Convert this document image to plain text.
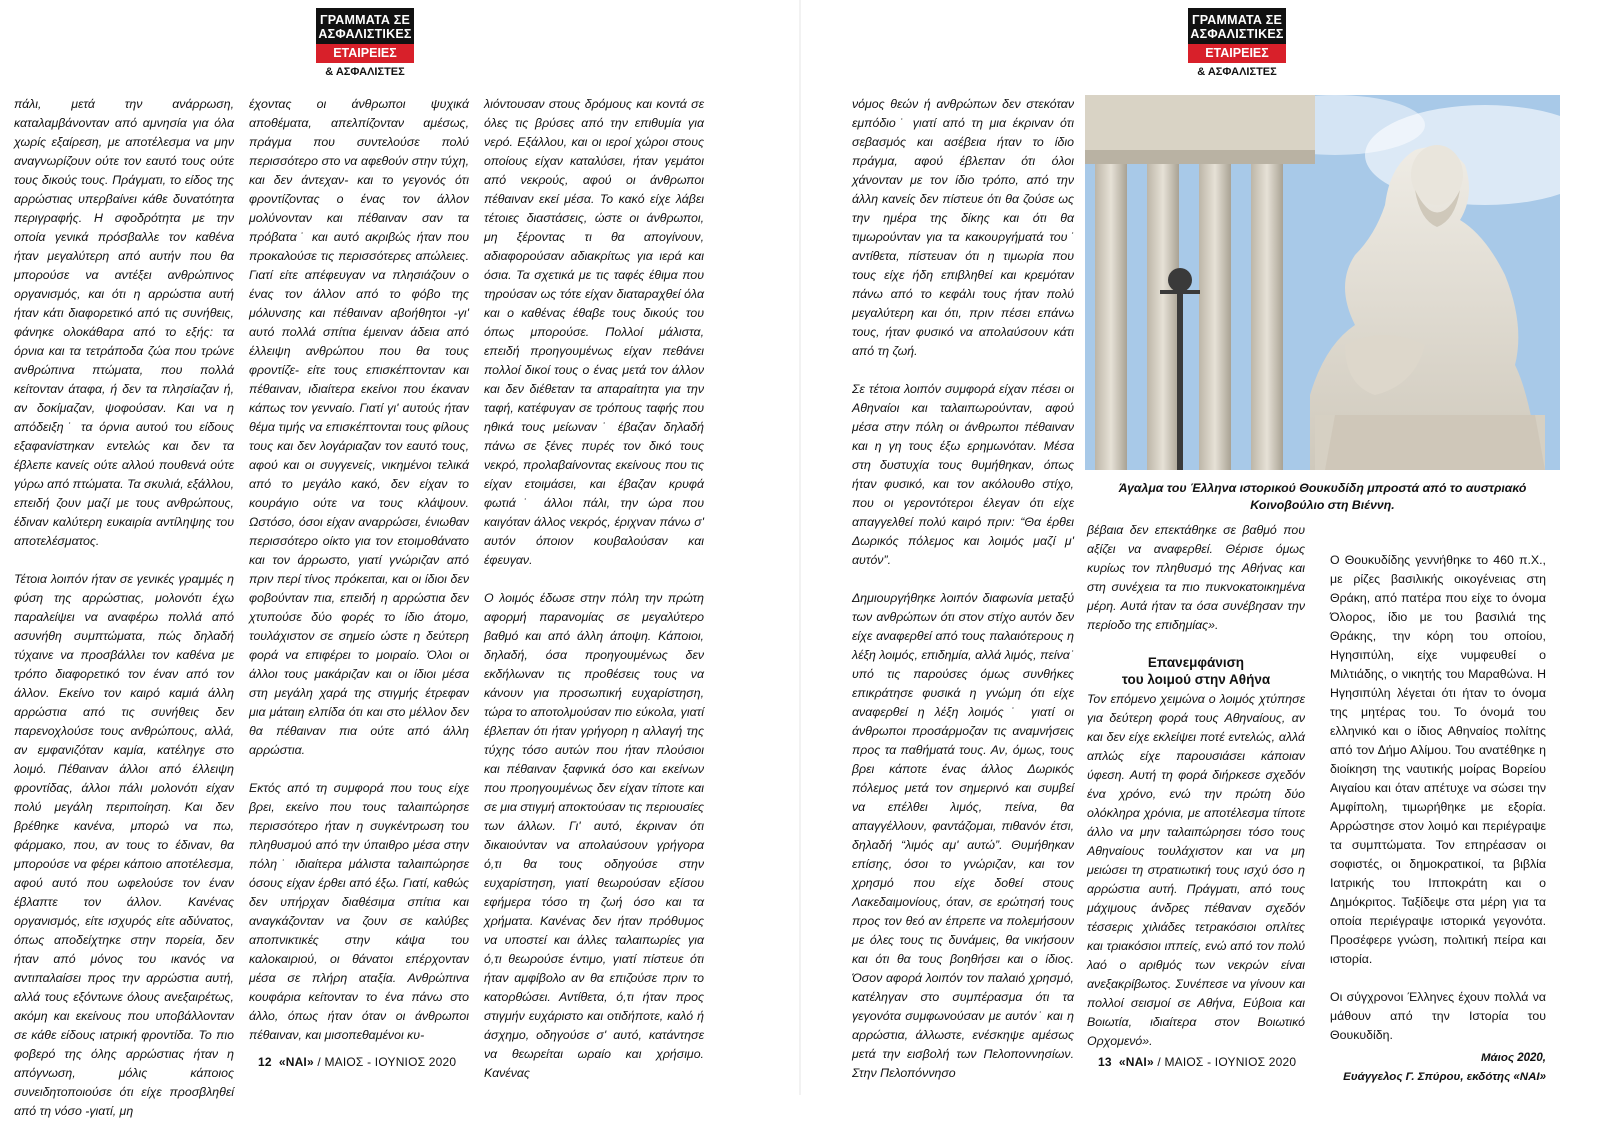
ΓΡΑΜΜΑΤΑ ΣΕ
ΑΣΦΑΛΙΣΤΙΚΕΣ
ΕΤΑΙΡΕΙΕΣ
& ΑΣΦΑΛΙΣΤΕΣ

πάλι, μετά την ανάρρωση, καταλαμβάνονταν από αμνησία για όλα χωρίς εξαίρεση, με αποτέλεσμα να μην αναγνωρίζουν ούτε τον εαυτό τους ούτε τους δικούς τους. Πράγματι, το είδος της αρρώστιας υπερβαίνει κάθε δυνατότητα περιγραφής. Η σφοδρότητα με την οποία γενικά πρόσβαλλε τον καθένα ήταν μεγαλύτερη από αυτήν που θα μπορούσε να αντέξει ανθρώπινος οργανισμός, και ότι η αρρώστια αυτή ήταν κάτι διαφορετικό από τις συνήθεις, φάνηκε ολοκάθαρα από το εξής: τα όρνια και τα τετράποδα ζώα που τρώνε ανθρώπινα πτώματα, που πολλά κείτονταν άταφα, ή δεν τα πλησίαζαν ή, αν δοκίμαζαν, ψοφούσαν. Και να η απόδειξη˙ τα όρνια αυτού του είδους εξαφανίστηκαν εντελώς και δεν τα έβλεπε κανείς ούτε αλλού πουθενά ούτε γύρω από πτώματα. Τα σκυλιά, εξάλλου, επειδή ζουν μαζί με τους ανθρώπους, έδιναν καλύτερη ευκαιρία αντίληψης του αποτελέσματος.

Τέτοια λοιπόν ήταν σε γενικές γραμμές η φύση της αρρώστιας, μολονότι έχω παραλείψει να αναφέρω πολλά από ασυνήθη συμπτώματα, πώς δηλαδή τύχαινε να προσβάλλει τον καθένα με τρόπο διαφορετικό τον έναν από τον άλλον. Εκείνο τον καιρό καμιά άλλη αρρώστια από τις συνήθεις δεν παρενοχλούσε τους ανθρώπους, αλλά, αν εμφανιζόταν καμία, κατέληγε στο λοιμό. Πέθαιναν άλλοι από έλλειψη φροντίδας, άλλοι πάλι μολονότι είχαν πολύ μεγάλη περιποίηση. Και δεν βρέθηκε κανένα, μπορώ να πω, φάρμακο, που, αν τους το έδιναν, θα μπορούσε να φέρει κάποιο αποτέλεσμα, αφού αυτό που ωφελούσε τον έναν έβλαπτε τον άλλον. Κανένας οργανισμός, είτε ισχυρός είτε αδύνατος, όπως αποδείχτηκε στην πορεία, δεν ήταν από μόνος του ικανός να αντιπαλαίσει προς την αρρώστια αυτή, αλλά τους εξόντωνε όλους ανεξαιρέτως, ακόμη και εκείνους που υποβάλλονταν σε κάθε είδους ιατρική φροντίδα. Το πιο φοβερό της όλης αρρώστιας ήταν η απόγνωση, μόλις κάποιος συνειδητοποιούσε ότι είχε προσβληθεί από τη νόσο -γιατί, μη

έχοντας οι άνθρωποι ψυχικά αποθέματα, απελπίζονταν αμέσως, πράγμα που συντελούσε πολύ περισσότερο στο να αφεθούν στην τύχη, και δεν άντεχαν- και το γεγονός ότι φροντίζοντας ο ένας τον άλλον μολύνονταν και πέθαιναν σαν τα πρόβατα˙ και αυτό ακριβώς ήταν που προκαλούσε τις περισσότερες απώλειες. Γιατί είτε απέφευγαν να πλησιάζουν ο ένας τον άλλον από το φόβο της μόλυνσης και πέθαιναν αβοήθητοι -γι' αυτό πολλά σπίτια έμειναν άδεια από έλλειψη ανθρώπου που θα τους φροντίζε- είτε τους επισκέπτονταν και πέθαιναν, ιδιαίτερα εκείνοι που έκαναν κάπως τον γενναίο. Γιατί γι' αυτούς ήταν θέμα τιμής να επισκέπτονται τους φίλους τους και δεν λογάριαζαν τον εαυτό τους, αφού και οι συγγενείς, νικημένοι τελικά από το μεγάλο κακό, δεν είχαν το κουράγιο ούτε να τους κλάψουν. Ωστόσο, όσοι είχαν αναρρώσει, ένιωθαν περισσότερο οίκτο για τον ετοιμοθάνατο και τον άρρωστο, γιατί γνώριζαν από πριν περί τίνος πρόκειται, και οι ίδιοι δεν φοβούνταν πια, επειδή η αρρώστια δεν χτυπούσε δύο φορές το ίδιο άτομο, τουλάχιστον σε σημείο ώστε η δεύτερη φορά να επιφέρει το μοιραίο. Όλοι οι άλλοι τους μακάριζαν και οι ίδιοι μέσα στη μεγάλη χαρά της στιγμής έτρεφαν μια μάταιη ελπίδα ότι και στο μέλλον δεν θα πέθαιναν πια ούτε από άλλη αρρώστια.

Εκτός από τη συμφορά που τους είχε βρει, εκείνο που τους ταλαιπώρησε περισσότερο ήταν η συγκέντρωση του πληθυσμού από την ύπαιθρο μέσα στην πόλη˙ ιδιαίτερα μάλιστα ταλαιπώρησε όσους είχαν έρθει από έξω. Γιατί, καθώς δεν υπήρχαν διαθέσιμα σπίτια και αναγκάζονταν να ζουν σε καλύβες αποπνικτικές στην κάψα του καλοκαιριού, οι θάνατοι επέρχονταν μέσα σε πλήρη αταξία. Ανθρώπινα κουφάρια κείτονταν το ένα πάνω στο άλλο, όπως ήταν όταν οι άνθρωποι πέθαιναν, και μισοπεθαμένοι κυ-

λιόντουσαν στους δρόμους και κοντά σε όλες τις βρύσες από την επιθυμία για νερό. Εξάλλου, και οι ιεροί χώροι στους οποίους είχαν καταλύσει, ήταν γεμάτοι από νεκρούς, αφού οι άνθρωποι πέθαιναν εκεί μέσα. Το κακό είχε λάβει τέτοιες διαστάσεις, ώστε οι άνθρωποι, μη ξέροντας τι θα απογίνουν, αδιαφορούσαν αδιακρίτως για ιερά και όσια. Τα σχετικά με τις ταφές έθιμα που τηρούσαν ως τότε είχαν διαταραχθεί όλα και ο καθένας έθαβε τους δικούς του όπως μπορούσε. Πολλοί μάλιστα, επειδή προηγουμένως είχαν πεθάνει πολλοί δικοί τους ο ένας μετά τον άλλον και δεν διέθεταν τα απαραίτητα για την ταφή, κατέφυγαν σε τρόπους ταφής που ηθικά τους μείωναν˙ έβαζαν δηλαδή πάνω σε ξένες πυρές τον δικό τους νεκρό, προλαβαίνοντας εκείνους που τις είχαν ετοιμάσει, και έβαζαν κρυφά φωτιά˙ άλλοι πάλι, την ώρα που καιγόταν άλλος νεκρός, έριχναν πάνω σ' αυτόν όποιον κουβαλούσαν και έφευγαν.

Ο λοιμός έδωσε στην πόλη την πρώτη αφορμή παρανομίας σε μεγαλύτερο βαθμό και από άλλη άποψη. Κάποιοι, δηλαδή, όσα προηγουμένως δεν εκδήλωναν τις προθέσεις τους να κάνουν για προσωπική ευχαρίστηση, τώρα το αποτολμούσαν πιο εύκολα, γιατί έβλεπαν ότι ήταν γρήγορη η αλλαγή της τύχης τόσο αυτών που ήταν πλούσιοι και πέθαιναν ξαφνικά όσο και εκείνων που προηγουμένως δεν είχαν τίποτε και σε μια στιγμή αποκτούσαν τις περιουσίες των άλλων. Γι' αυτό, έκριναν ότι δικαιούνταν να απολαύσουν γρήγορα ό,τι θα τους οδηγούσε στην ευχαρίστηση, γιατί θεωρούσαν εξίσου εφήμερα τόσο τη ζωή όσο και τα χρήματα. Κανένας δεν ήταν πρόθυμος να υποστεί και άλλες ταλαιπωρίες για ό,τι θεωρούσε έντιμο, γιατί πίστευε ότι ήταν αμφίβολο αν θα επιζούσε πριν το κατορθώσει. Αντίθετα, ό,τι ήταν προς στιγμήν ευχάριστο και οτιδήποτε, καλό ή άσχημο, οδηγούσε σ' αυτό, κατάντησε να θεωρείται ωραίο και χρήσιμο. Κανένας

12 «ΝΑΙ» / ΜΑΙΟΣ - ΙΟΥΝΙΟΣ 2020
ΓΡΑΜΜΑΤΑ ΣΕ
ΑΣΦΑΛΙΣΤΙΚΕΣ
ΕΤΑΙΡΕΙΕΣ
& ΑΣΦΑΛΙΣΤΕΣ

νόμος θεών ή ανθρώπων δεν στεκόταν εμπόδιο˙ γιατί από τη μια έκριναν ότι σεβασμός και ασέβεια ήταν το ίδιο πράγμα, αφού έβλεπαν ότι όλοι χάνονταν με τον ίδιο τρόπο, από την άλλη κανείς δεν πίστευε ότι θα ζούσε ως την ημέρα της δίκης και ότι θα τιμωρούνταν για τα κακουργήματά του˙ αντίθετα, πίστευαν ότι η τιμωρία που τους είχε ήδη επιβληθεί και κρεμόταν πάνω από το κεφάλι τους ήταν πολύ μεγαλύτερη και ότι, πριν πέσει επάνω τους, ήταν φυσικό να απολαύσουν κάτι από τη ζωή.

Σε τέτοια λοιπόν συμφορά είχαν πέσει οι Αθηναίοι και ταλαιπωρούνταν, αφού μέσα στην πόλη οι άνθρωποι πέθαιναν και η γη τους έξω ερημωνόταν. Μέσα στη δυστυχία τους θυμήθηκαν, όπως ήταν φυσικό, και τον ακόλουθο στίχο, που οι γεροντότεροι έλεγαν ότι είχε απαγγελθεί πολύ καιρό πριν: “Θα έρθει Δωρικός πόλεμος και λοιμός μαζί μ' αυτόν”.

Δημιουργήθηκε λοιπόν διαφωνία μεταξύ των ανθρώπων ότι στον στίχο αυτόν δεν είχε αναφερθεί από τους παλαιότερους η λέξη λοιμός, επιδημία, αλλά λιμός, πείνα˙ υπό τις παρούσες όμως συνθήκες επικράτησε φυσικά η γνώμη ότι είχε αναφερθεί η λέξη λοιμός˙ γιατί οι άνθρωποι προσάρμοζαν τις αναμνήσεις προς τα παθήματά τους. Αν, όμως, τους βρει κάποτε ένας άλλος Δωρικός πόλεμος μετά τον σημερινό και συμβεί να επέλθει λιμός, πείνα, θα απαγγέλλουν, φαντάζομαι, πιθανόν έτσι, δηλαδή “λιμός αμ' αυτώ”. Θυμήθηκαν επίσης, όσοι το γνώριζαν, και τον χρησμό που είχε δοθεί στους Λακεδαιμονίους, όταν, σε ερώτησή τους προς τον θεό αν έπρεπε να πολεμήσουν με όλες τους τις δυνάμεις, θα νικήσουν και ότι θα τους βοηθήσει και ο ίδιος. Όσον αφορά λοιπόν τον παλαιό χρησμό, κατέληγαν στο συμπέρασμα ότι τα γεγονότα συμφωνούσαν με αυτόν˙ και η αρρώστια, άλλωστε, ενέσκηψε αμέσως μετά την εισβολή των Πελοποννησίων. Στην Πελοπόννησο

Άγαλμα του Έλληνα ιστορικού Θουκυδίδη μπροστά από το αυστριακό Κοινοβούλιο στη Βιέννη.

βέβαια δεν επεκτάθηκε σε βαθμό που αξίζει να αναφερθεί. Θέρισε όμως κυρίως τον πληθυσμό της Αθήνας και στη συνέχεια τα πιο πυκνοκατοικημένα μέρη. Αυτά ήταν τα όσα συνέβησαν την περίοδο της επιδημίας».

Επανεμφάνιση
του λοιμού στην Αθήνα

Τον επόμενο χειμώνα ο λοιμός χτύπησε για δεύτερη φορά τους Αθηναίους, αν και δεν είχε εκλείψει ποτέ εντελώς, αλλά απλώς είχε παρουσιάσει κάποιαν ύφεση. Αυτή τη φορά διήρκεσε σχεδόν ένα χρόνο, ενώ την πρώτη δύο ολόκληρα χρόνια, με αποτέλεσμα τίποτε άλλο να μην ταλαιπώρησει τόσο τους Αθηναίους τουλάχιστον και να μη μειώσει τη στρατιωτική τους ισχύ όσο η αρρώστια αυτή. Πράγματι, από τους μάχιμους άνδρες πέθαναν σχεδόν τέσσερις χιλιάδες τετρακόσιοι οπλίτες και τριακόσιοι ιππείς, ενώ από τον πολύ λαό ο αριθμός των νεκρών είναι ανεξακρίβωτος. Συνέπεσε να γίνουν και πολλοί σεισμοί σε Αθήνα, Εύβοια και Βοιωτία, ιδιαίτερα στον Βοιωτικό Ορχομενό».

Ο Θουκυδίδης γεννήθηκε το 460 π.Χ., με ρίζες βασιλικής οικογένειας στη Θράκη, από πατέρα που είχε το όνομα Όλορος, ίδιο με του βασιλιά της Θράκης, την κόρη του οποίου, Ηγησιπύλη, είχε νυμφευθεί ο Μιλτιάδης, ο νικητής του Μαραθώνα. Η Ηγησιπύλη λέγεται ότι ήταν το όνομα της μητέρας του. Το όνομά του ελληνικό και ο ίδιος Αθηναίος πολίτης από τον Δήμο Αλίμου. Του ανατέθηκε η διοίκηση της ναυτικής μοίρας Βορείου Αιγαίου και όταν απέτυχε να σώσει την Αμφίπολη, τιμωρήθηκε με εξορία. Αρρώστησε στον λοιμό και περιέγραψε τα συμπτώματα. Τον επηρέασαν οι σοφιστές, οι δημοκρατικοί, τα βιβλία Ιατρικής του Ιπποκράτη και ο Δημόκριτος. Ταξίδεψε στα μέρη για τα οποία περιέγραψε ιστορικά γεγονότα. Προσέφερε γνώση, πολιτική πείρα και ιστορία.

Οι σύγχρονοι Έλληνες έχουν πολλά να μάθουν από την Ιστορία του Θουκυδίδη.

Μάιος 2020,
Ευάγγελος Γ. Σπύρου, εκδότης «ΝΑΙ»
13 «ΝΑΙ» / ΜΑΙΟΣ - ΙΟΥΝΙΟΣ 2020
